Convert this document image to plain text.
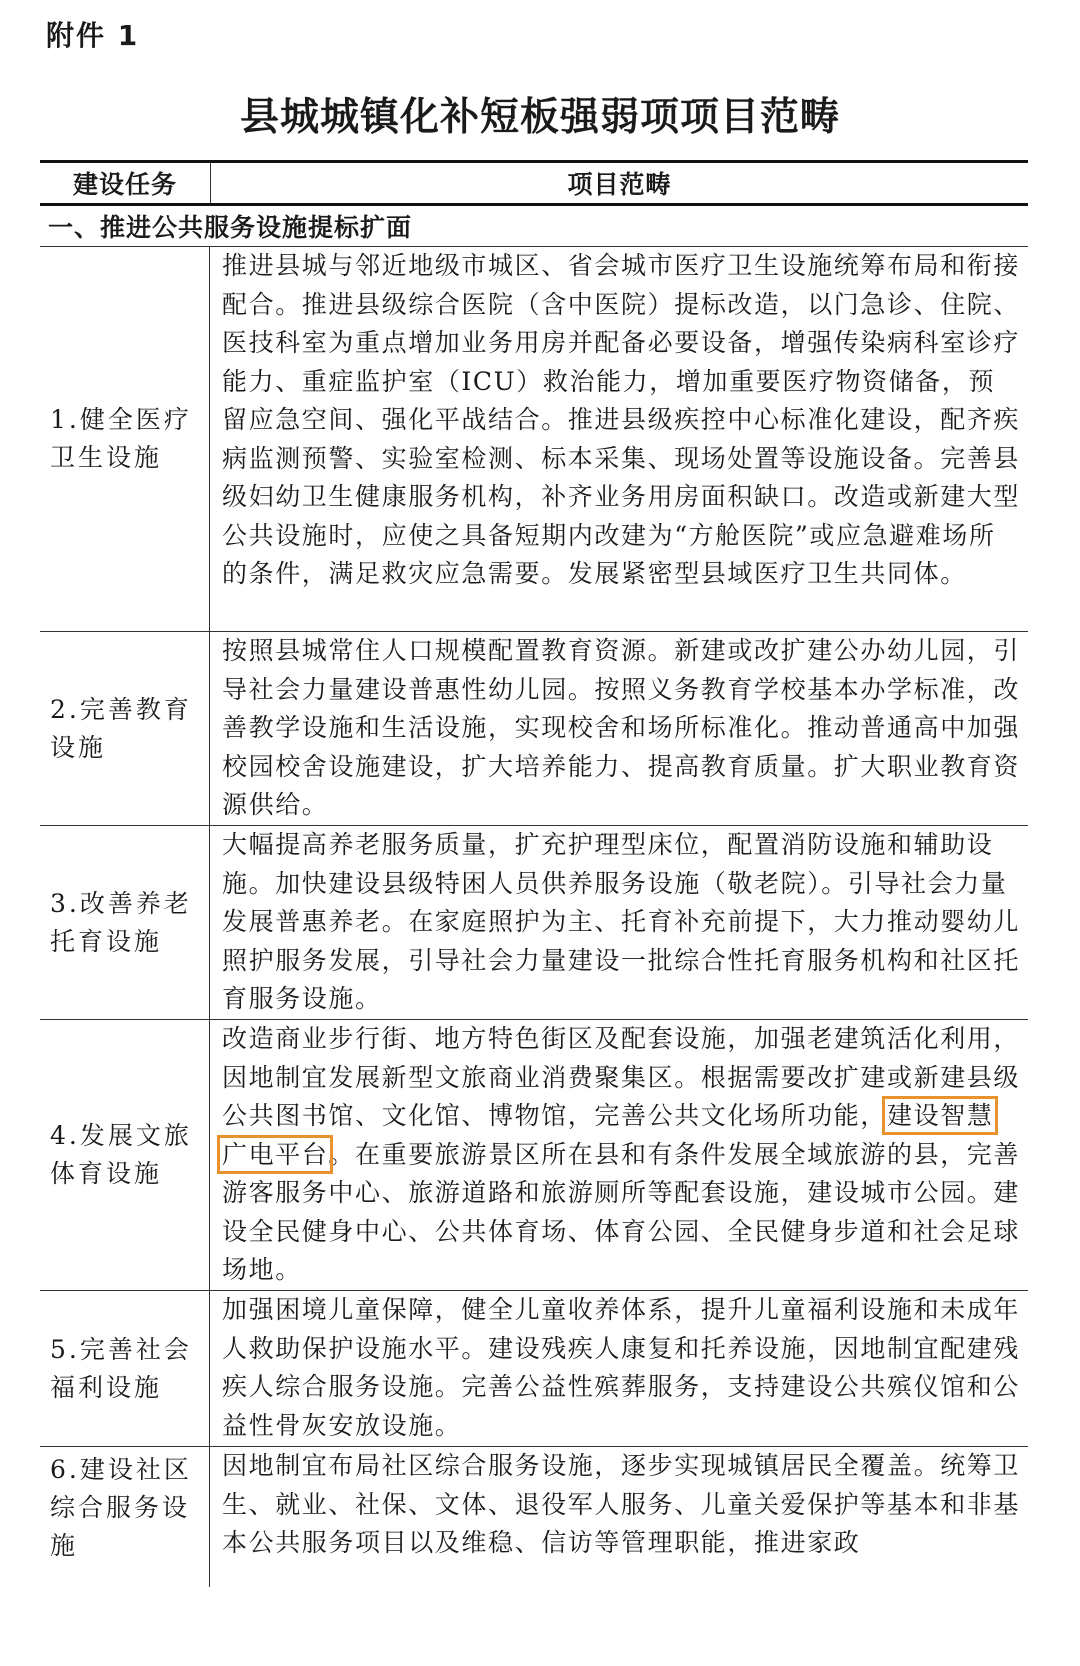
附件 1
县城城镇化补短板强弱项项目范畴
建设任务	项目范畴
一、推进公共服务设施提标扩面
1.健全医疗卫生设施

推进县城与邻近地级市城区、省会城市医疗卫生设施统筹布局和衔接配合。推进县级综合医院（含中医院）提标改造，以门急诊、住院、医技科室为重点增加业务用房并配备必要设备，增强传染病科室诊疗能力、重症监护室（ICU）救治能力，增加重要医疗物资储备，预留应急空间、强化平战结合。推进县级疾控中心标准化建设，配齐疾病监测预警、实验室检测、标本采集、现场处置等设施设备。完善县级妇幼卫生健康服务机构，补齐业务用房面积缺口。改造或新建大型公共设施时，应使之具备短期内改建为“方舱医院”或应急避难场所的条件，满足救灾应急需要。发展紧密型县域医疗卫生共同体。

2.完善教育设施

按照县城常住人口规模配置教育资源。新建或改扩建公办幼儿园，引导社会力量建设普惠性幼儿园。按照义务教育学校基本办学标准，改善教学设施和生活设施，实现校舍和场所标准化。推动普通高中加强校园校舍设施建设，扩大培养能力、提高教育质量。扩大职业教育资源供给。

3.改善养老托育设施

大幅提高养老服务质量，扩充护理型床位，配置消防设施和辅助设施。加快建设县级特困人员供养服务设施（敬老院）。引导社会力量发展普惠养老。在家庭照护为主、托育补充前提下，大力推动婴幼儿照护服务发展，引导社会力量建设一批综合性托育服务机构和社区托育服务设施。

4.发展文旅体育设施

改造商业步行街、地方特色街区及配套设施，加强老建筑活化利用，因地制宜发展新型文旅商业消费聚集区。根据需要改扩建或新建县级公共图书馆、文化馆、博物馆，完善公共文化场所功能，建设智慧广电平台。在重要旅游景区所在县和有条件发展全域旅游的县，完善游客服务中心、旅游道路和旅游厕所等配套设施，建设城市公园。建设全民健身中心、公共体育场、体育公园、全民健身步道和社会足球场地。

5.完善社会福利设施

加强困境儿童保障，健全儿童收养体系，提升儿童福利设施和未成年人救助保护设施水平。建设残疾人康复和托养设施，因地制宜配建残疾人综合服务设施。完善公益性殡葬服务，支持建设公共殡仪馆和公益性骨灰安放设施。

6.建设社区综合服务设施

因地制宜布局社区综合服务设施，逐步实现城镇居民全覆盖。统筹卫生、就业、社保、文体、退役军人服务、儿童关爱保护等基本和非基本公共服务项目以及维稳、信访等管理职能，推进家政
